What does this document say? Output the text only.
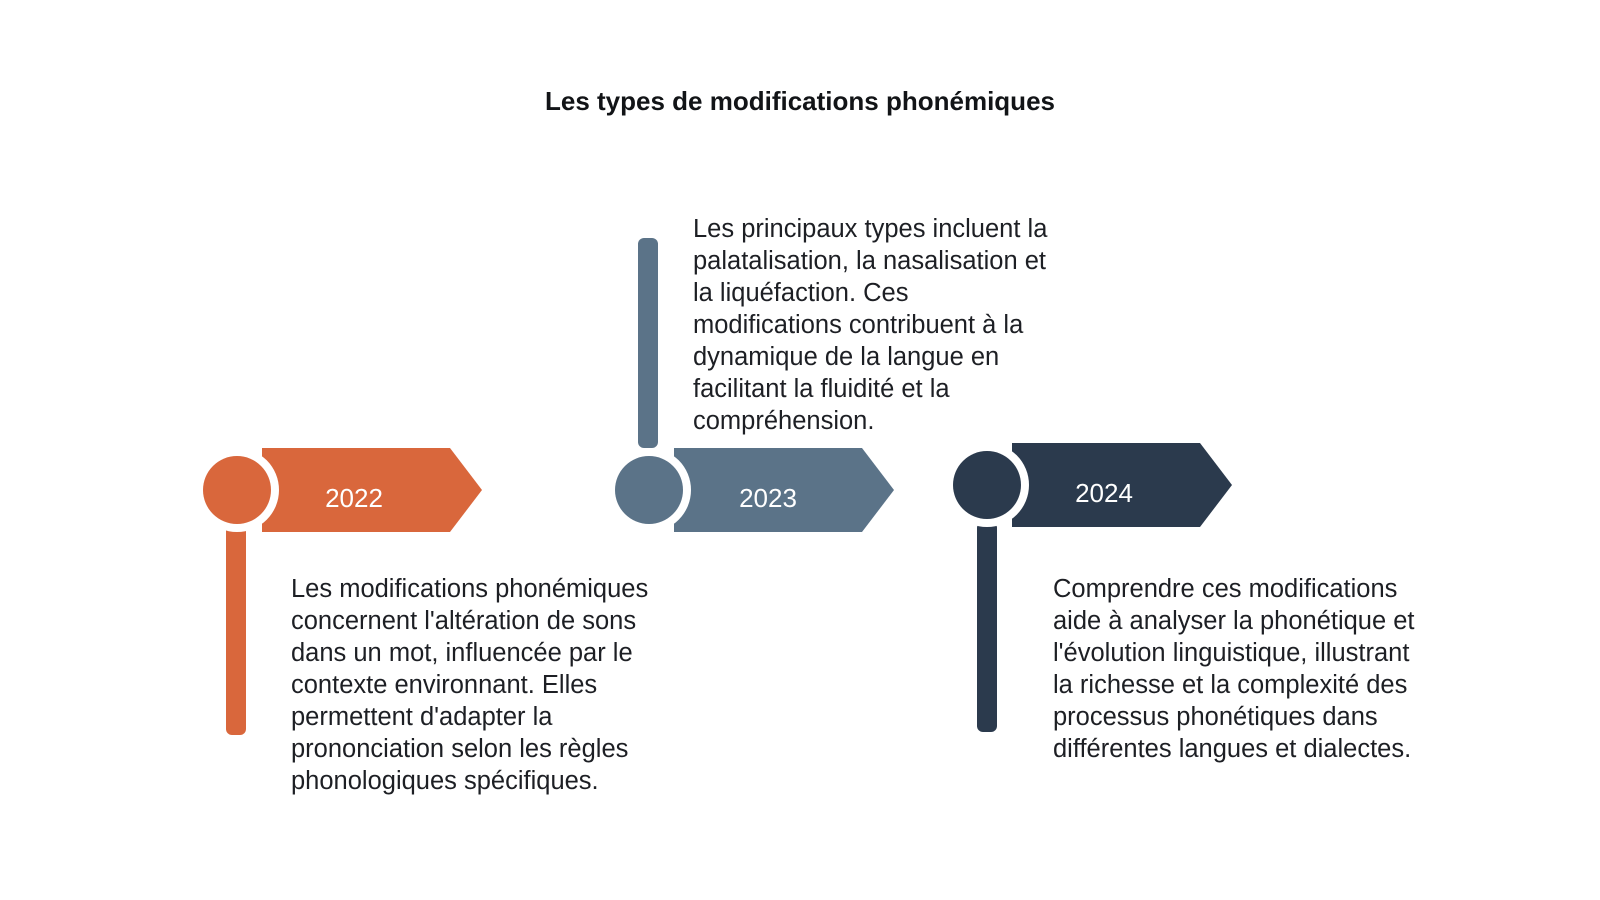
Les types de modifications phonémiques
2022	2023	2024

Les modifications phonémiques concernent l'altération de sons dans un mot, influencée par le contexte environnant. Elles permettent d'adapter la prononciation selon les règles phonologiques spécifiques.

Les principaux types incluent la palatalisation, la nasalisation et la liquéfaction. Ces modifications contribuent à la dynamique de la langue en facilitant la fluidité et la compréhension.

Comprendre ces modifications aide à analyser la phonétique et l'évolution linguistique, illustrant la richesse et la complexité des processus phonétiques dans différentes langues et dialectes.
